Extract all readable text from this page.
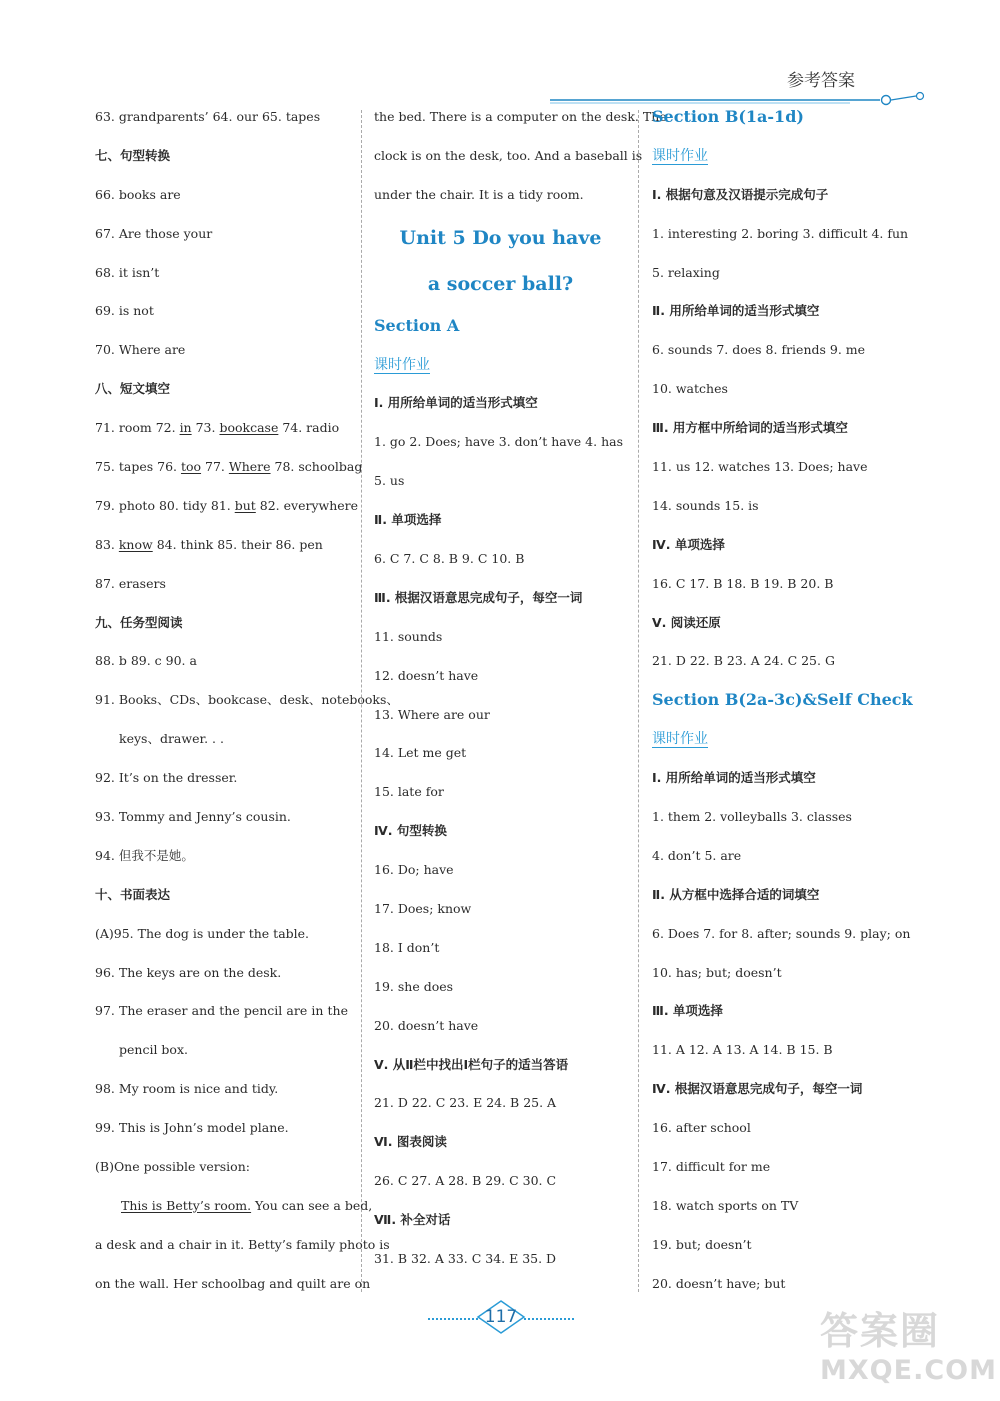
参考答案
63. grandparents’ 64. our 65. tapes
七、句型转换
66. books are
67. Are those your
68. it isn’t
69. is not
70. Where are
八、短文填空
71. room 72. in 73. bookcase 74. radio
75. tapes 76. too 77. Where 78. schoolbag
79. photo 80. tidy 81. but 82. everywhere
83. know 84. think 85. their 86. pen
87. erasers
九、任务型阅读
88. b 89. c 90. a
91. Books、CDs、bookcase、desk、notebooks、
keys、drawer. . .
92. It’s on the dresser.
93. Tommy and Jenny’s cousin.
94. 但我不是她。
十、书面表达
(A)95. The dog is under the table.
96. The keys are on the desk.
97. The eraser and the pencil are in the
pencil box.
98. My room is nice and tidy.
99. This is John’s model plane.
(B)One possible version:
This is Betty’s room. You can see a bed,
a desk and a chair in it. Betty’s family photo is
on the wall. Her schoolbag and quilt are on
the bed. There is a computer on the desk. The
clock is on the desk, too. And a baseball is
under the chair. It is a tidy room.
Unit 5 Do you have
a soccer ball?
Section A
课时作业
Ⅰ. 用所给单词的适当形式填空
1. go 2. Does; have 3. don’t have 4. has
5. us
Ⅱ. 单项选择
6. C 7. C 8. B 9. C 10. B
Ⅲ. 根据汉语意思完成句子，每空一词
11. sounds
12. doesn’t have
13. Where are our
14. Let me get
15. late for
Ⅳ. 句型转换
16. Do; have
17. Does; know
18. I don’t
19. she does
20. doesn’t have
Ⅴ. 从Ⅱ栏中找出Ⅰ栏句子的适当答语
21. D 22. C 23. E 24. B 25. A
Ⅵ. 图表阅读
26. C 27. A 28. B 29. C 30. C
Ⅶ. 补全对话
31. B 32. A 33. C 34. E 35. D
Section B(1a-1d)
课时作业
Ⅰ. 根据句意及汉语提示完成句子
1. interesting 2. boring 3. difficult 4. fun
5. relaxing
Ⅱ. 用所给单词的适当形式填空
6. sounds 7. does 8. friends 9. me
10. watches
Ⅲ. 用方框中所给词的适当形式填空
11. us 12. watches 13. Does; have
14. sounds 15. is
Ⅳ. 单项选择
16. C 17. B 18. B 19. B 20. B
Ⅴ. 阅读还原
21. D 22. B 23. A 24. C 25. G
Section B(2a-3c)&Self Check
课时作业
Ⅰ. 用所给单词的适当形式填空
1. them 2. volleyballs 3. classes
4. don’t 5. are
Ⅱ. 从方框中选择合适的词填空
6. Does 7. for 8. after; sounds 9. play; on
10. has; but; doesn’t
Ⅲ. 单项选择
11. A 12. A 13. A 14. B 15. B
Ⅳ. 根据汉语意思完成句子，每空一词
16. after school
17. difficult for me
18. watch sports on TV
19. but; doesn’t
20. doesn’t have; but
117	答案圈
MXQE.COM
